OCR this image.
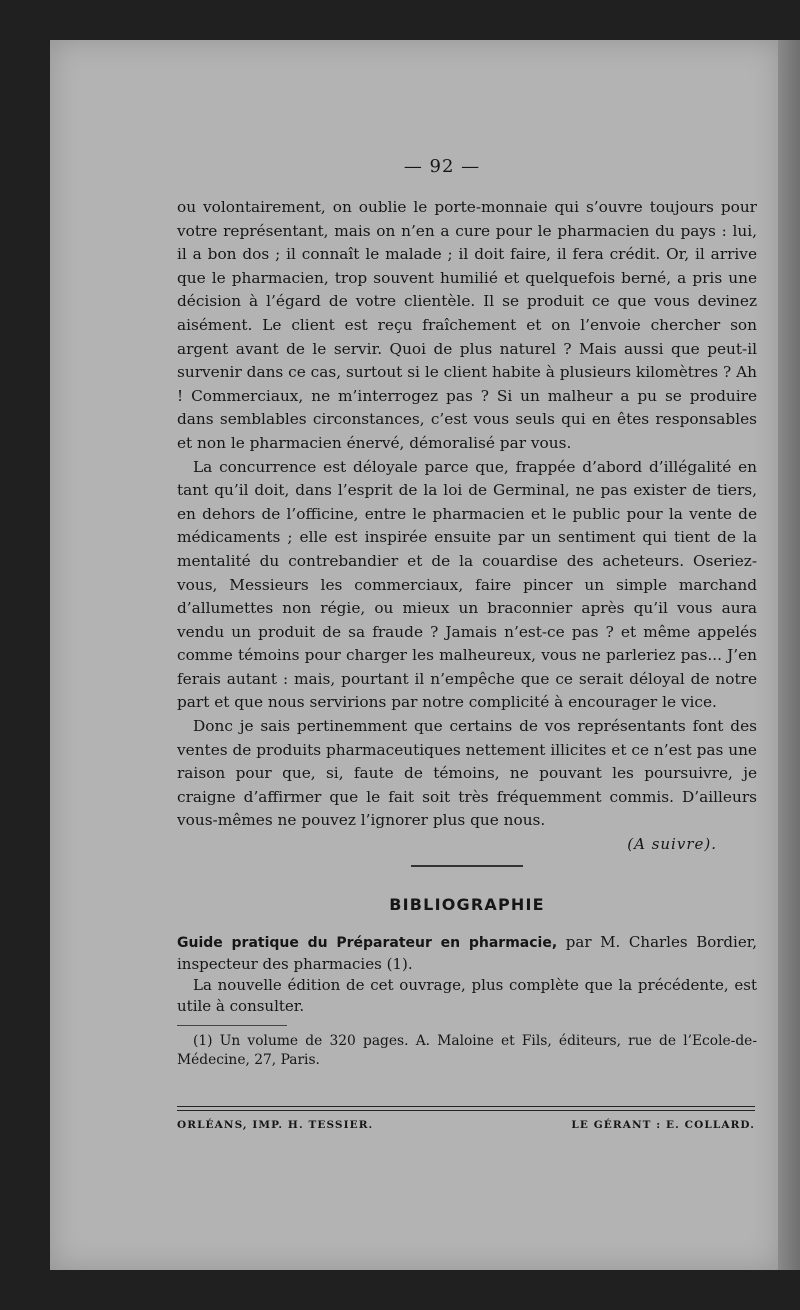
— 92 —

ou volontairement, on oublie le porte-monnaie qui s’ouvre toujours pour votre représentant, mais on n’en a cure pour le pharmacien du pays : lui, il a bon dos ; il connaît le malade ; il doit faire, il fera crédit. Or, il arrive que le pharmacien, trop souvent humilié et quelquefois berné, a pris une décision à l’égard de votre clientèle. Il se produit ce que vous devinez aisément. Le client est reçu fraîchement et on l’envoie chercher son argent avant de le servir. Quoi de plus naturel ? Mais aussi que peut-il survenir dans ce cas, surtout si le client habite à plusieurs kilomètres ? Ah ! Commerciaux, ne m’interrogez pas ? Si un malheur a pu se produire dans semblables circonstances, c’est vous seuls qui en êtes responsables et non le pharmacien énervé, démoralisé par vous.

La concurrence est déloyale parce que, frappée d’abord d’illégalité en tant qu’il doit, dans l’esprit de la loi de Germinal, ne pas exister de tiers, en dehors de l’officine, entre le pharmacien et le public pour la vente de médicaments ; elle est inspirée ensuite par un sentiment qui tient de la mentalité du contrebandier et de la couardise des acheteurs. Oseriez-vous, Messieurs les commerciaux, faire pincer un simple marchand d’allumettes non régie, ou mieux un braconnier après qu’il vous aura vendu un produit de sa fraude ? Jamais n’est-ce pas ? et même appelés comme témoins pour charger les malheureux, vous ne parleriez pas... J’en ferais autant : mais, pourtant il n’empêche que ce serait déloyal de notre part et que nous servirions par notre complicité à encourager le vice.

Donc je sais pertinemment que certains de vos représentants font des ventes de produits pharmaceutiques nettement illicites et ce n’est pas une raison pour que, si, faute de témoins, ne pouvant les poursuivre, je craigne d’affirmer que le fait soit très fréquemment commis. D’ailleurs vous-mêmes ne pouvez l’ignorer plus que nous.

(A suivre).
BIBLIOGRAPHIE

Guide pratique du Préparateur en pharmacie, par M. Charles Bordier, inspecteur des pharmacies (1).

La nouvelle édition de cet ouvrage, plus complète que la précédente, est utile à consulter.

(1) Un volume de 320 pages. A. Maloine et Fils, éditeurs, rue de l’Ecole-de-Médecine, 27, Paris.

ORLÉANS, IMP. H. TESSIER.	LE GÉRANT : E. COLLARD.
